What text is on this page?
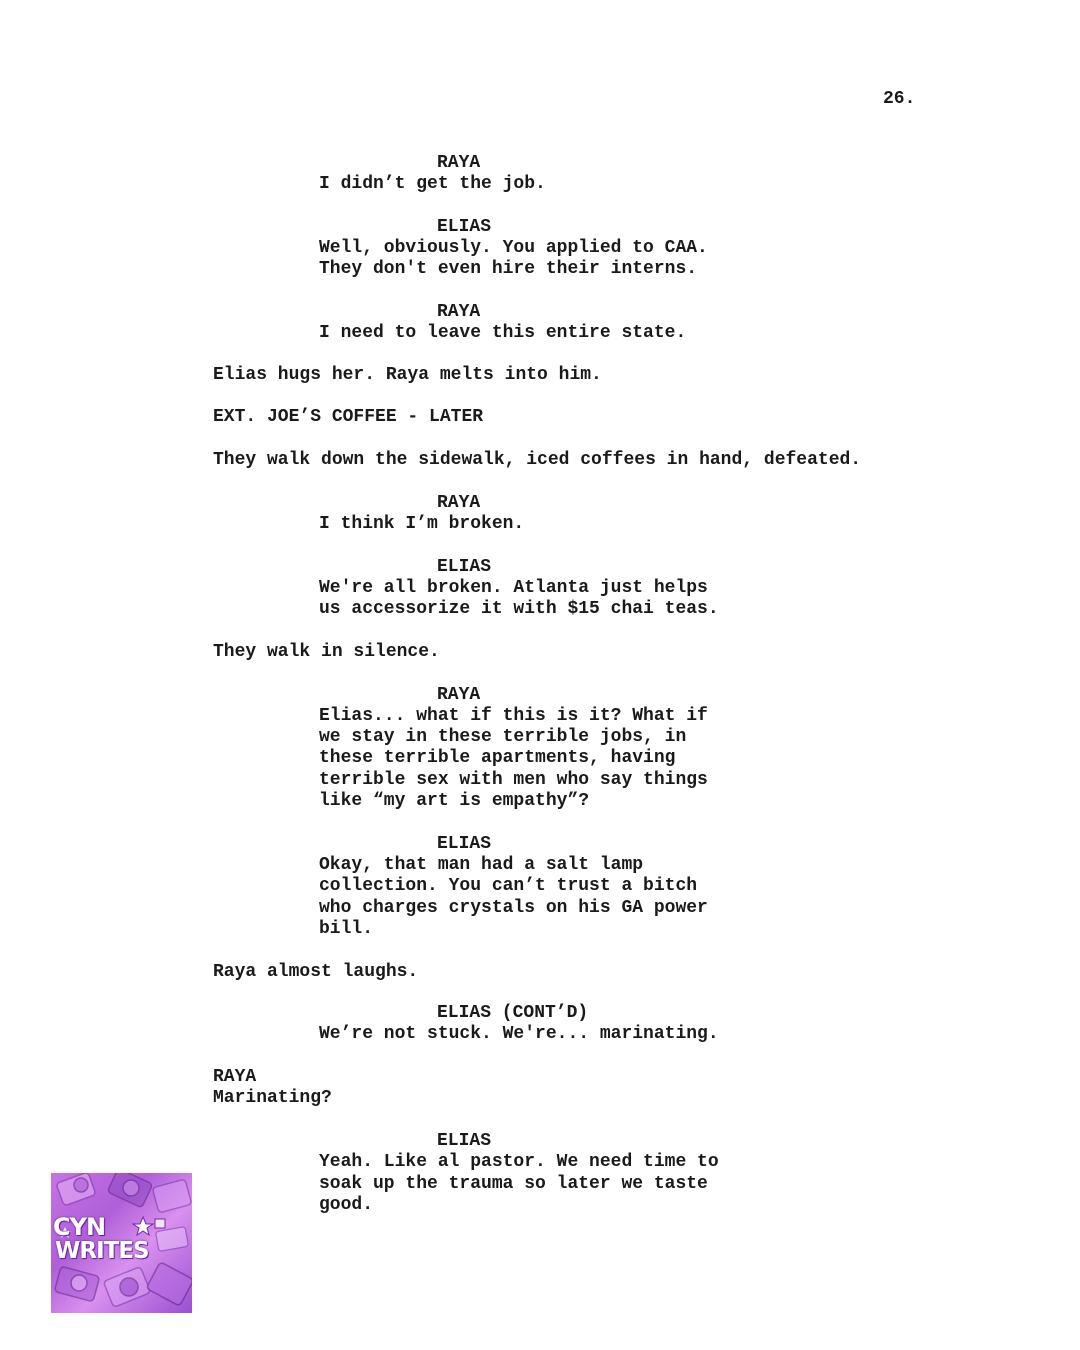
26.
RAYA
I didn’t get the job.
ELIAS
Well, obviously. You applied to CAA.
They don't even hire their interns.
RAYA
I need to leave this entire state.
Elias hugs her. Raya melts into him.
EXT. JOE’S COFFEE - LATER
They walk down the sidewalk, iced coffees in hand, defeated.
RAYA
I think I’m broken.
ELIAS
We're all broken. Atlanta just helps
us accessorize it with $15 chai teas.
They walk in silence.
RAYA
Elias... what if this is it? What if
we stay in these terrible jobs, in
these terrible apartments, having
terrible sex with men who say things
like “my art is empathy”?
ELIAS
Okay, that man had a salt lamp
collection. You can’t trust a bitch
who charges crystals on his GA power
bill.
Raya almost laughs.
ELIAS (CONT’D)
We’re not stuck. We're... marinating.
RAYA
Marinating?
ELIAS
Yeah. Like al pastor. We need time to
soak up the trauma so later we taste
good.
CYN
WRITES
